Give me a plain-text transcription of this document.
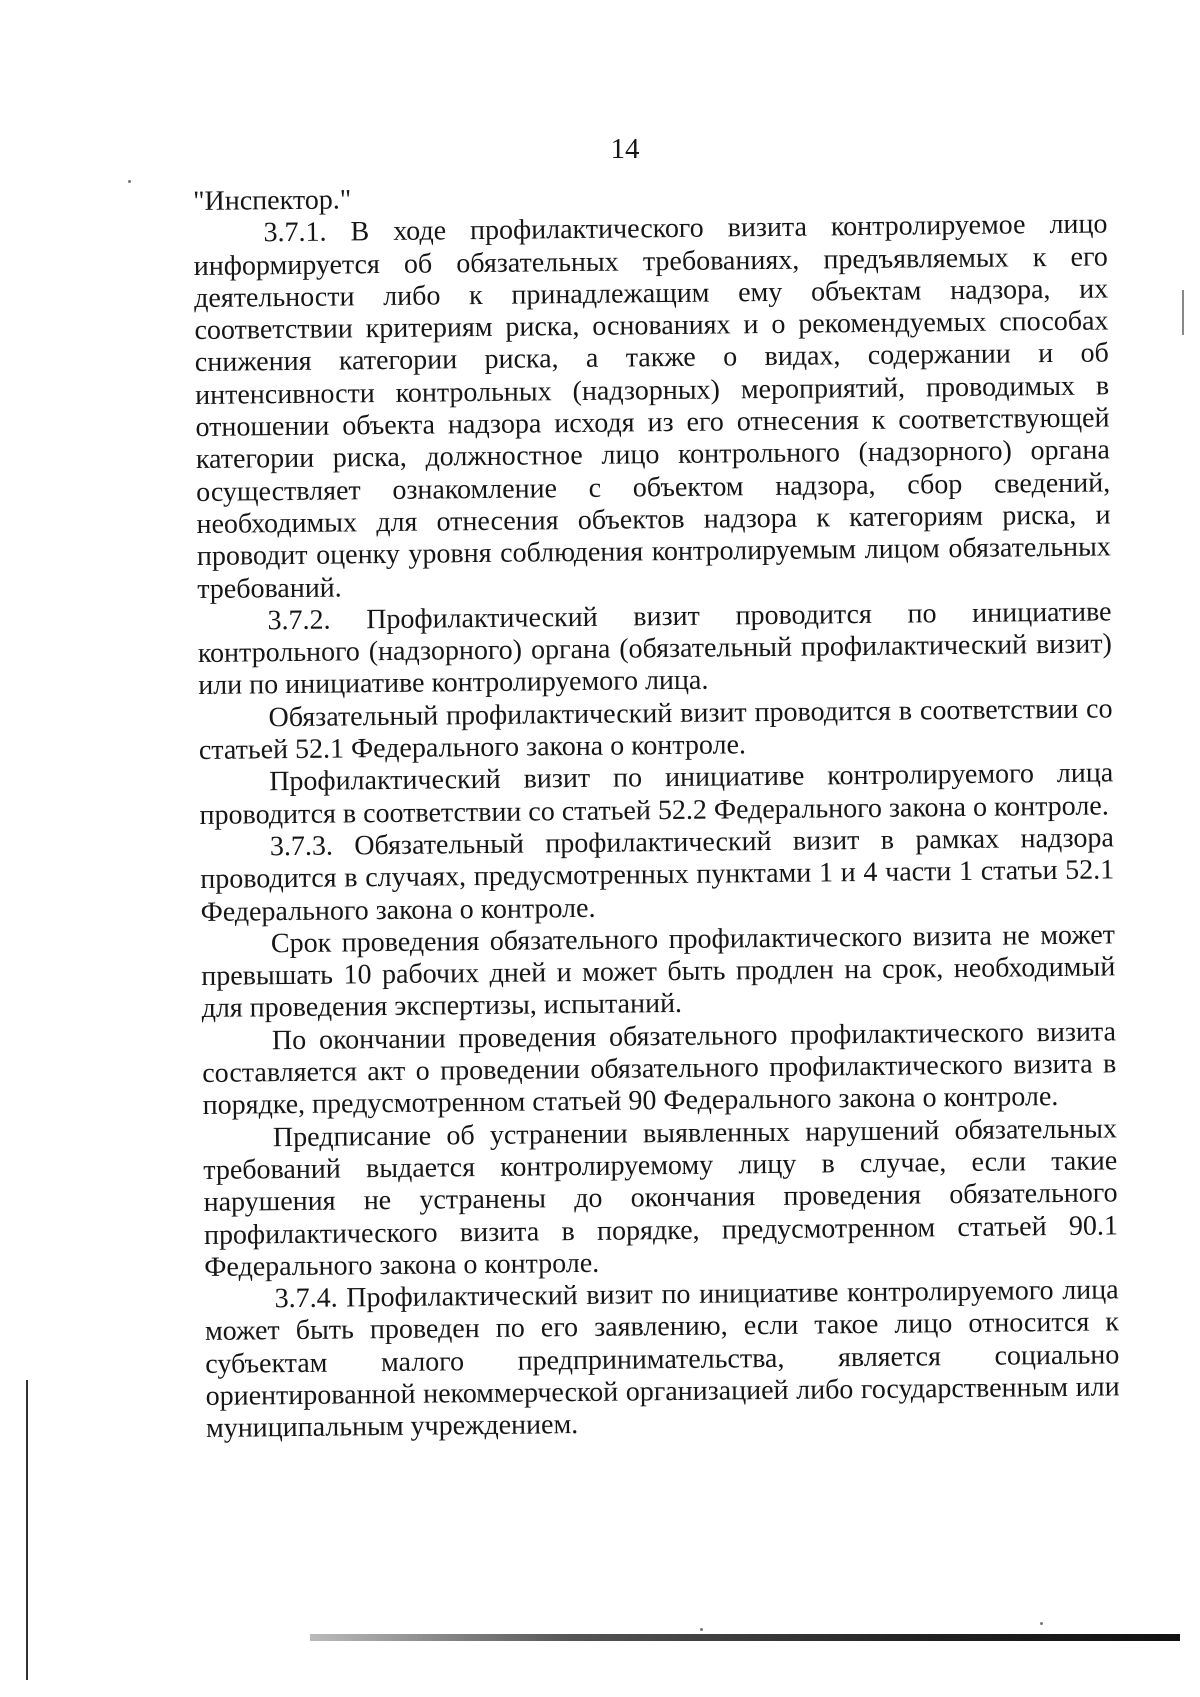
14

"Инспектор."

3.7.1. В ходе профилактического визита контролируемое лицо информируется об обязательных требованиях, предъявляемых к его деятельности либо к принадлежащим ему объектам надзора, их соответствии критериям риска, основаниях и о рекомендуемых способах снижения категории риска, а также о видах, содержании и об интенсивности контрольных (надзорных) мероприятий, проводимых в отношении объекта надзора исходя из его отнесения к соответствующей категории риска, должностное лицо контрольного (надзорного) органа осуществляет ознакомление с объектом надзора, сбор сведений, необходимых для отнесения объектов надзора к категориям риска, и проводит оценку уровня соблюдения контролируемым лицом обязательных требований.

3.7.2. Профилактический визит проводится по инициативе контрольного (надзорного) органа (обязательный профилактический визит) или по инициативе контролируемого лица.

Обязательный профилактический визит проводится в соответствии со статьей 52.1 Федерального закона о контроле.

Профилактический визит по инициативе контролируемого лица проводится в соответствии со статьей 52.2 Федерального закона о контроле.

3.7.3. Обязательный профилактический визит в рамках надзора проводится в случаях, предусмотренных пунктами 1 и 4 части 1 статьи 52.1 Федерального закона о контроле.

Срок проведения обязательного профилактического визита не может превышать 10 рабочих дней и может быть продлен на срок, необходимый для проведения экспертизы, испытаний.

По окончании проведения обязательного профилактического визита составляется акт о проведении обязательного профилактического визита в порядке, предусмотренном статьей 90 Федерального закона о контроле.

Предписание об устранении выявленных нарушений обязательных требований выдается контролируемому лицу в случае, если такие нарушения не устранены до окончания проведения обязательного профилактического визита в порядке, предусмотренном статьей 90.1 Федерального закона о контроле.

3.7.4. Профилактический визит по инициативе контролируемого лица может быть проведен по его заявлению, если такое лицо относится к субъектам малого предпринимательства, является социально ориентированной некоммерческой организацией либо государственным или муниципальным учреждением.
